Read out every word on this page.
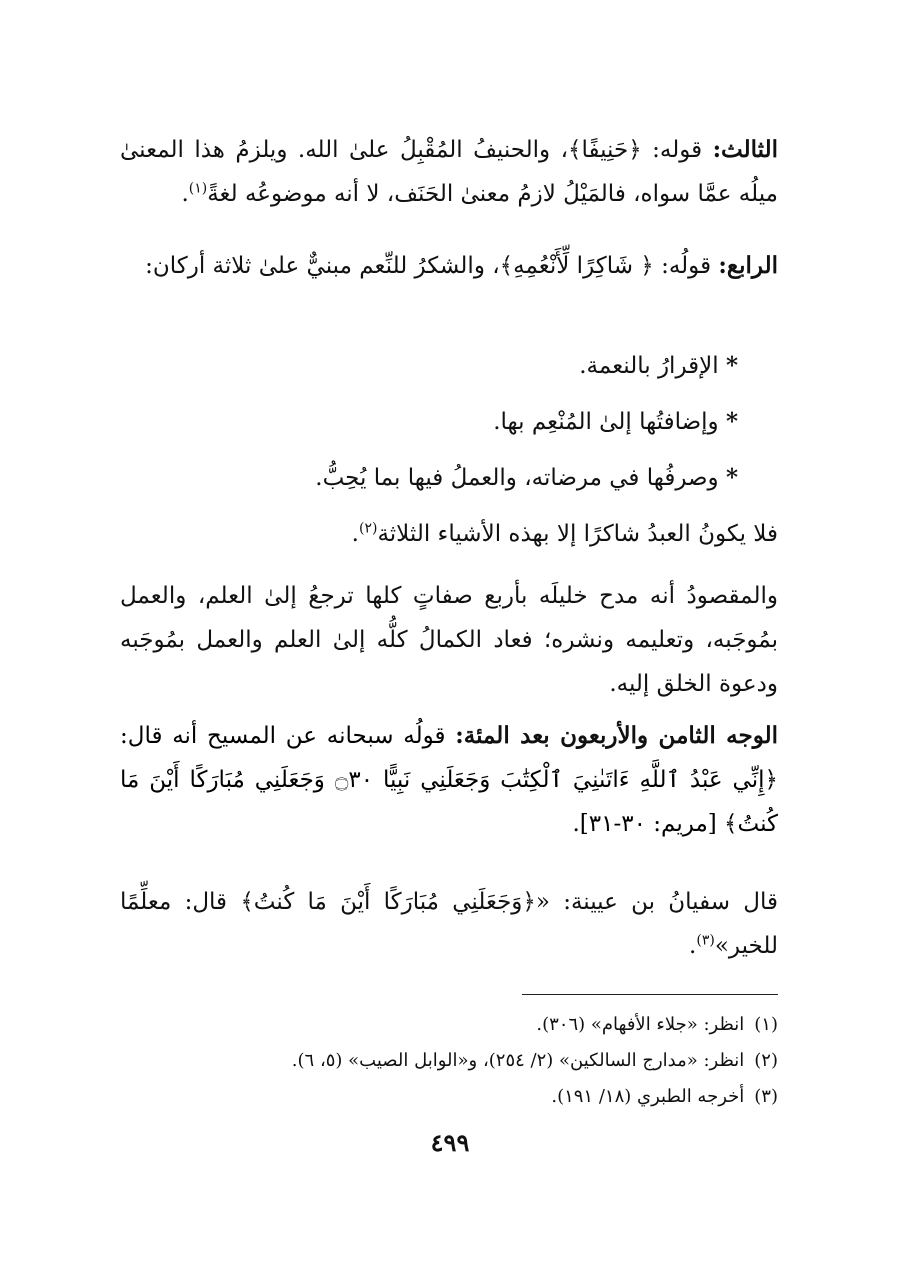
الثالث: قوله: ﴿حَنِيفًا﴾، والحنيفُ المُقْبِلُ علىٰ الله. ويلزمُ هذا المعنىٰ ميلُه عمَّا سواه، فالمَيْلُ لازمُ معنىٰ الحَنَف، لا أنه موضوعُه لغةً$^{(١)}$.

الرابع: قولُه: ﴿ شَاكِرًا لِّأَنْعُمِهِ﴾، والشكرُ للنِّعم مبنيٌّ علىٰ ثلاثة أركان:

* الإقرارُ بالنعمة.
* وإضافتُها إلىٰ المُنْعِم بها.
* وصرفُها في مرضاته، والعملُ فيها بما يُحِبُّ.

فلا يكونُ العبدُ شاكرًا إلا بهذه الأشياء الثلاثة$^{(٢)}$.

والمقصودُ أنه مدح خليلَه بأربع صفاتٍ كلها ترجعُ إلىٰ العلم، والعمل بمُوجَبه، وتعليمه ونشره؛ فعاد الكمالُ كلُّه إلىٰ العلم والعمل بمُوجَبه ودعوة الخلق إليه.

الوجه الثامن والأربعون بعد المئة: قولُه سبحانه عن المسيح أنه قال: ﴿إِنِّي عَبْدُ ٱللَّهِ ءَاتَىٰنِيَ ٱلْكِتَٰبَ وَجَعَلَنِي نَبِيًّا ۝٣٠ وَجَعَلَنِي مُبَارَكًا أَيْنَ مَا كُنتُ﴾ [مريم: ٣٠-٣١].

قال سفيانُ بن عيينة: «﴿وَجَعَلَنِي مُبَارَكًا أَيْنَ مَا كُنتُ﴾ قال: معلِّمًا للخير»$^{(٣)}$.

(١)انظر: «جلاء الأفهام» (٣٠٦).
(٢)انظر: «مدارج السالكين» (٢/ ٢٥٤)، و«الوابل الصيب» (٥، ٦).
(٣)أخرجه الطبري (١٨/ ١٩١).
٤٩٩
